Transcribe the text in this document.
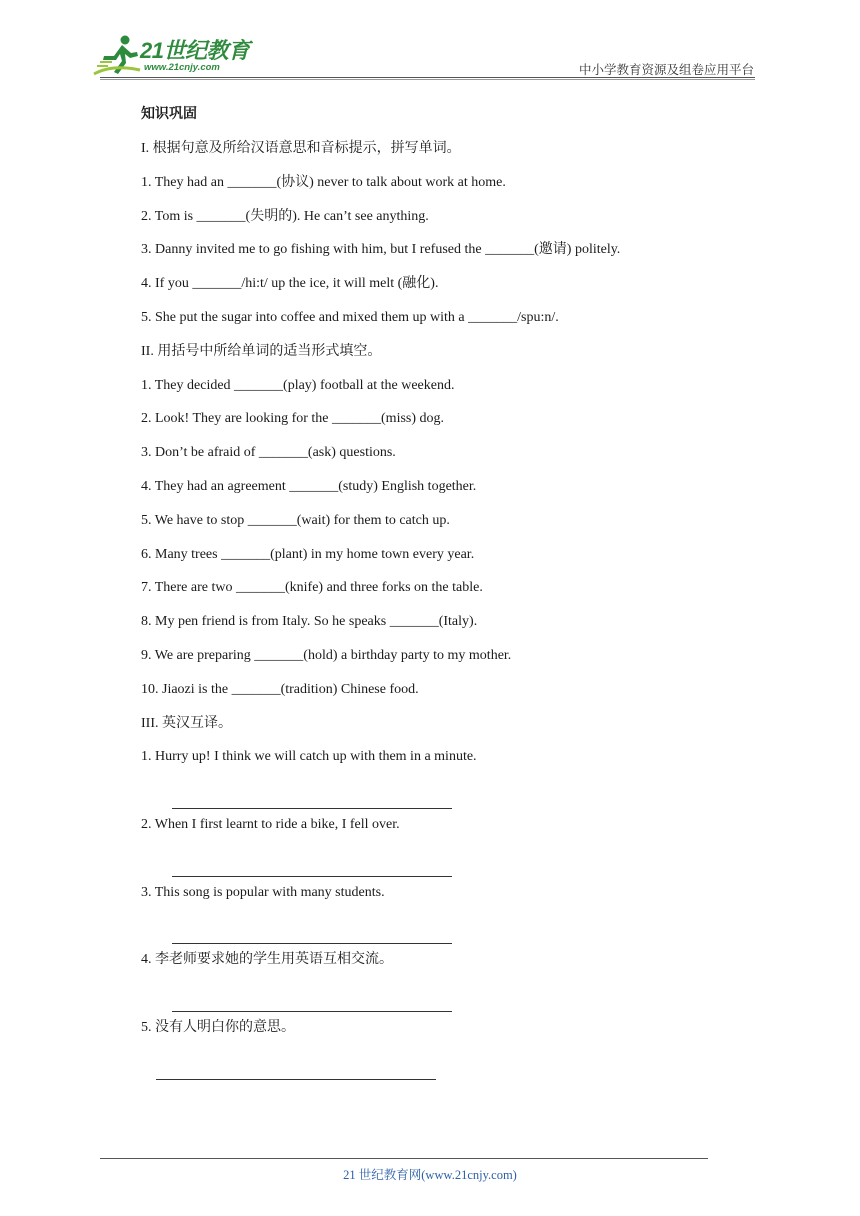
21世纪教育
www.21cnjy.com	中小学教育资源及组卷应用平台
知识巩固
I. 根据句意及所给汉语意思和音标提示，拼写单词。
1. They had an _______(协议) never to talk about work at home.
2. Tom is _______(失明的). He can’t see anything.
3. Danny invited me to go fishing with him, but I refused the _______(邀请) politely.
4. If you _______/hi:t/ up the ice, it will melt (融化).
5. She put the sugar into coffee and mixed them up with a _______/spu:n/.
II. 用括号中所给单词的适当形式填空。
1. They decided _______(play) football at the weekend.
2. Look! They are looking for the _______(miss) dog.
3. Don’t be afraid of _______(ask) questions.
4. They had an agreement _______(study) English together.
5. We have to stop _______(wait) for them to catch up.
6. Many trees _______(plant) in my home town every year.
7. There are two _______(knife) and three forks on the table.
8. My pen friend is from Italy. So he speaks _______(Italy).
9. We are preparing _______(hold) a birthday party to my mother.
10. Jiaozi is the _______(tradition) Chinese food.
III. 英汉互译。
1. Hurry up! I think we will catch up with them in a minute.
2. When I first learnt to ride a bike, I fell over.
3. This song is popular with many students.
4. 李老师要求她的学生用英语互相交流。
5. 没有人明白你的意思。
21 世纪教育网(www.21cnjy.com)
